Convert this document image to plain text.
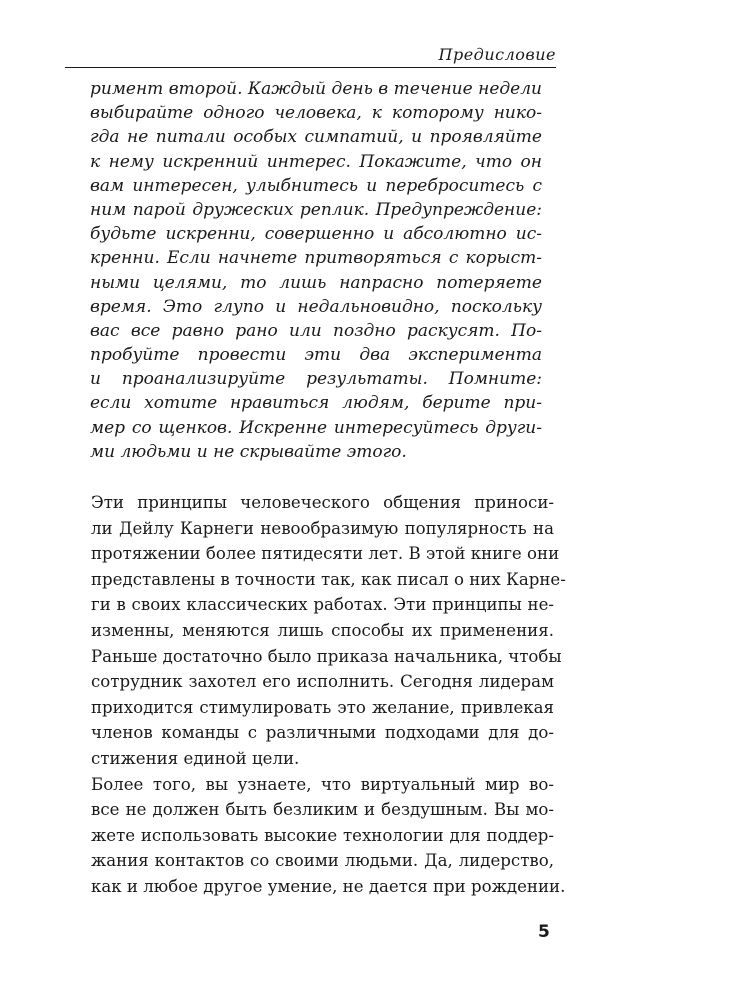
Предисловие
римент второй. Каждый день в течение недели
выбирайте одного человека, к которому нико-
гда не питали особых симпатий, и проявляйте
к нему искренний интерес. Покажите, что он
вам интересен, улыбнитесь и переброситесь с
ним парой дружеских реплик. Предупреждение:
будьте искренни, совершенно и абсолютно ис-
кренни. Если начнете притворяться с корыст-
ными целями, то лишь напрасно потеряете
время. Это глупо и недальновидно, поскольку
вас все равно рано или поздно раскусят. По-
пробуйте провести эти два эксперимента
и проанализируйте результаты. Помните:
если хотите нравиться людям, берите при-
мер со щенков. Искренне интересуйтесь други-
ми людьми и не скрывайте этого.
Эти принципы человеческого общения приноси-
ли Дейлу Карнеги невообразимую популярность на
протяжении более пятидесяти лет. В этой книге они
представлены в точности так, как писал о них Карне-
ги в своих классических работах. Эти принципы не-
изменны, меняются лишь способы их применения.
Раньше достаточно было приказа начальника, чтобы
сотрудник захотел его исполнить. Сегодня лидерам
приходится стимулировать это желание, привлекая
членов команды с различными подходами для до-
стижения единой цели.
Более того, вы узнаете, что виртуальный мир во-
все не должен быть безликим и бездушным. Вы мо-
жете использовать высокие технологии для поддер-
жания контактов со своими людьми. Да, лидерство,
как и любое другое умение, не дается при рождении.
5
